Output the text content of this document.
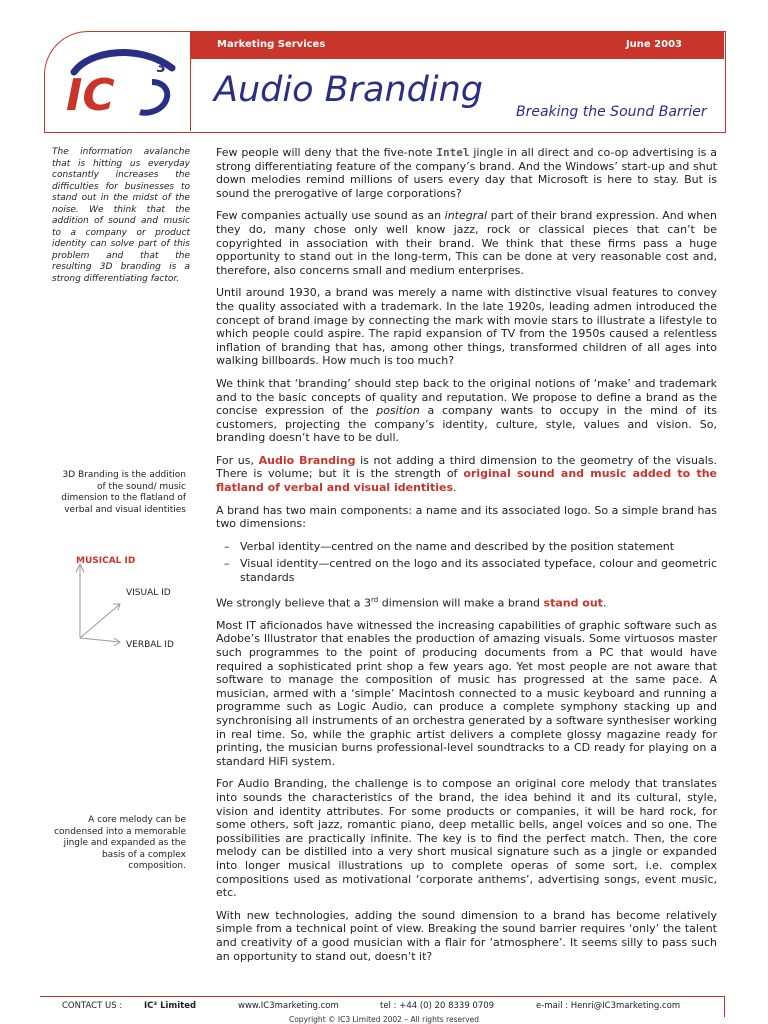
Marketing Services	June 2003
IC
3
Audio Branding
Breaking the Sound Barrier
The information avalanche that is hitting us everyday constantly increases the difficulties for businesses to stand out in the midst of the noise. We think that the addition of sound and music to a company or product identity can solve part of this problem and that the resulting 3D branding is a strong differentiating factor.
3D Branding is the addition of the sound/ music dimension to the flatland of verbal and visual identities
MUSICAL ID
VISUAL ID
VERBAL ID
A core melody can be condensed into a memorable jingle and expanded as the basis of a complex composition.

Few people will deny that the five-note Intel jingle in all direct and co-op advertising is a strong differentiating feature of the company’s brand. And the Windows’ start-up and shut down melodies remind millions of users every day that Microsoft is here to stay. But is sound the prerogative of large corporations?

Few companies actually use sound as an integral part of their brand expression. And when they do, many chose only well know jazz, rock or classical pieces that can’t be copyrighted in association with their brand. We think that these firms pass a huge opportunity to stand out in the long-term, This can be done at very reasonable cost and, therefore, also concerns small and medium enterprises.

Until around 1930, a brand was merely a name with distinctive visual features to convey the quality associated with a trademark. In the late 1920s, leading admen introduced the concept of brand image by connecting the mark with movie stars to illustrate a lifestyle to which people could aspire. The rapid expansion of TV from the 1950s caused a relentless inflation of branding that has, among other things, transformed children of all ages into walking billboards. How much is too much?

We think that ‘branding’ should step back to the original notions of ‘make’ and trademark and to the basic concepts of quality and reputation. We propose to define a brand as the concise expression of the position a company wants to occupy in the mind of its customers, projecting the company’s identity, culture, style, values and vision. So, branding doesn’t have to be dull.

For us, Audio Branding is not adding a third dimension to the geometry of the visuals. There is volume; but it is the strength of original sound and music added to the flatland of verbal and visual identities.

A brand has two main components: a name and its associated logo. So a simple brand has two dimensions:

– Verbal identity—centred on the name and described by the position statement
– Visual identity—centred on the logo and its associated typeface, colour and geometric standards

We strongly believe that a 3rd dimension will make a brand stand out.

Most IT aficionados have witnessed the increasing capabilities of graphic software such as Adobe’s Illustrator that enables the production of amazing visuals. Some virtuosos master such programmes to the point of producing documents from a PC that would have required a sophisticated print shop a few years ago. Yet most people are not aware that software to manage the composition of music has progressed at the same pace. A musician, armed with a ‘simple’ Macintosh connected to a music keyboard and running a programme such as Logic Audio, can produce a complete symphony stacking up and synchronising all instruments of an orchestra generated by a software synthesiser working in real time. So, while the graphic artist delivers a complete glossy magazine ready for printing, the musician burns professional-level soundtracks to a CD ready for playing on a standard HiFi system.

For Audio Branding, the challenge is to compose an original core melody that translates into sounds the characteristics of the brand, the idea behind it and its cultural, style, vision and identity attributes. For some products or companies, it will be hard rock, for some others, soft jazz, romantic piano, deep metallic bells, angel voices and so one. The possibilities are practically infinite. The key is to find the perfect match. Then, the core melody can be distilled into a very short musical signature such as a jingle or expanded into longer musical illustrations up to complete operas of some sort, i.e. complex compositions used as motivational ‘corporate anthems’, advertising songs, event music, etc.

With new technologies, adding the sound dimension to a brand has become relatively simple from a technical point of view. Breaking the sound barrier requires ‘only’ the talent and creativity of a good musician with a flair for ‘atmosphere’. It seems silly to pass such an opportunity to stand out, doesn’t it?

CONTACT US :	IC³ Limited	www.IC3marketing.com	tel : +44 (0) 20 8339 0709	e-mail : Henri@IC3marketing.com
Copyright © IC3 Limited 2002 – All rights reserved
